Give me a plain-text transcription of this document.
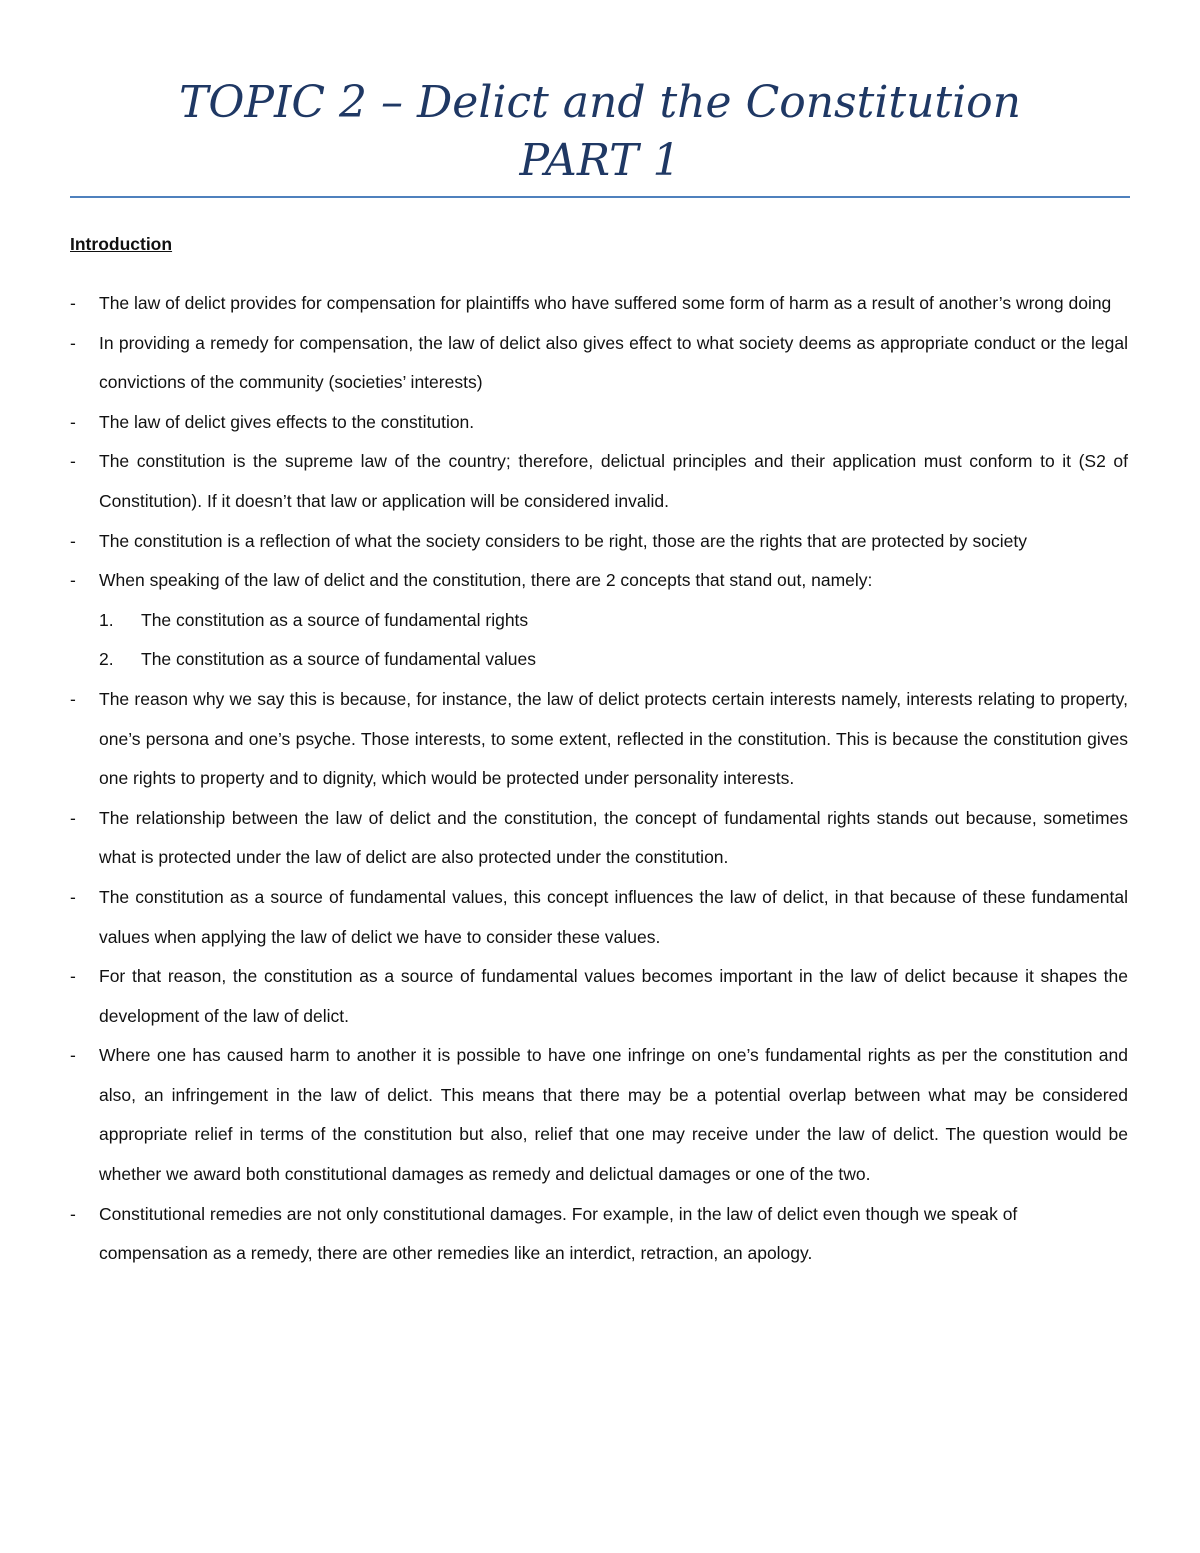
TOPIC 2 – Delict and the Constitution
PART 1
Introduction
- The law of delict provides for compensation for plaintiffs who have suffered some form of harm as a result of another’s wrong doing
- In providing a remedy for compensation, the law of delict also gives effect to what society deems as appropriate conduct or the legal convictions of the community (societies’ interests)
- The law of delict gives effects to the constitution.
- The constitution is the supreme law of the country; therefore, delictual principles and their application must conform to it (S2 of Constitution). If it doesn’t that law or application will be considered invalid.
- The constitution is a reflection of what the society considers to be right, those are the rights that are protected by society
- When speaking of the law of delict and the constitution, there are 2 concepts that stand out, namely:
1. The constitution as a source of fundamental rights
2. The constitution as a source of fundamental values
- The reason why we say this is because, for instance, the law of delict protects certain interests namely, interests relating to property, one’s persona and one’s psyche. Those interests, to some extent, reflected in the constitution. This is because the constitution gives one rights to property and to dignity, which would be protected under personality interests.
- The relationship between the law of delict and the constitution, the concept of fundamental rights stands out because, sometimes what is protected under the law of delict are also protected under the constitution.
- The constitution as a source of fundamental values, this concept influences the law of delict, in that because of these fundamental values when applying the law of delict we have to consider these values.
- For that reason, the constitution as a source of fundamental values becomes important in the law of delict because it shapes the development of the law of delict.
- Where one has caused harm to another it is possible to have one infringe on one’s fundamental rights as per the constitution and also, an infringement in the law of delict. This means that there may be a potential overlap between what may be considered appropriate relief in terms of the constitution but also, relief that one may receive under the law of delict. The question would be whether we award both constitutional damages as remedy and delictual damages or one of the two.
- Constitutional remedies are not only constitutional damages. For example, in the law of delict even though we speak of compensation as a remedy, there are other remedies like an interdict, retraction, an apology.
